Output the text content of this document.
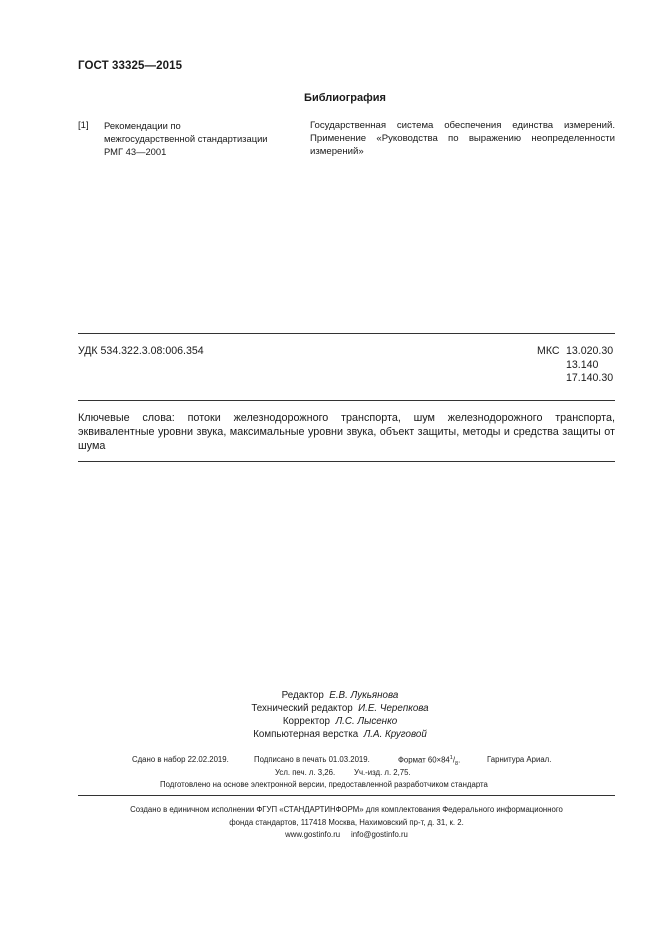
ГОСТ 33325—2015
Библиография
[1] Рекомендации по
межгосударственной стандартизации
РМГ 43—2001
Государственная система обеспечения единства измерений. Применение «Руководства по выражению неопределенности измерений»
УДК 534.322.3.08:006.354	МКС 13.020.30
13.140
17.140.30
Ключевые слова: потоки железнодорожного транспорта, шум железнодорожного транспорта, эквивалентные уровни звука, максимальные уровни звука, объект защиты, методы и средства защиты от шума
Редактор Е.В. Лукьянова
Технический редактор И.Е. Черепкова
Корректор Л.С. Лысенко
Компьютерная верстка Л.А. Круговой
Сдано в набор 22.02.2019.	Подписано в печать 01.03.2019.	Формат $60\times 84^1/_8$.	Гарнитура Ариал.
Усл. печ. л. 3,26. Уч.-изд. л. 2,75.
Подготовлено на основе электронной версии, предоставленной разработчиком стандарта
Создано в единичном исполнении ФГУП «СТАНДАРТИНФОРМ» для комплектования Федерального информационного
фонда стандартов, 117418 Москва, Нахимовский пр-т, д. 31, к. 2.
www.gostinfo.ru info@gostinfo.ru
